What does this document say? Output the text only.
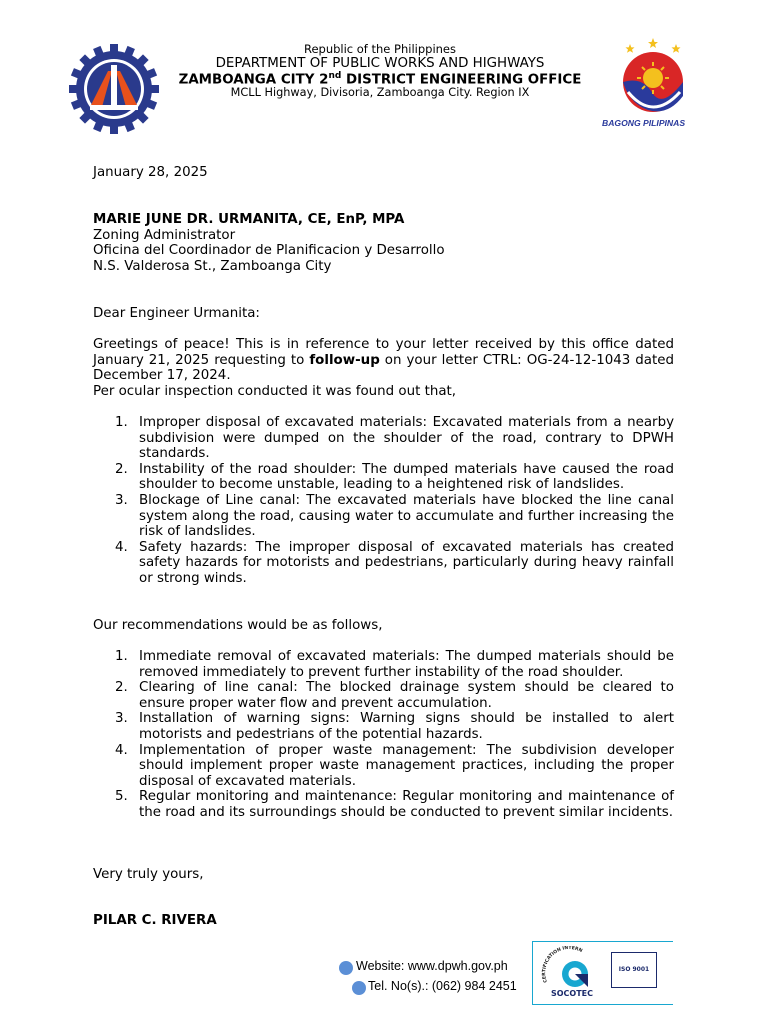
Republic of the Philippines
DEPARTMENT OF PUBLIC WORKS AND HIGHWAYS
ZAMBOANGA CITY 2nd DISTRICT ENGINEERING OFFICE
MCLL Highway, Divisoria, Zamboanga City. Region IX
BAGONG PILIPINAS
January 28, 2025
MARIE JUNE DR. URMANITA, CE, EnP, MPA
Zoning Administrator
Oficina del Coordinador de Planificacion y Desarrollo
N.S. Valderosa St., Zamboanga City
Dear Engineer Urmanita:
Greetings of peace! This is in reference to your letter received by this office dated January 21, 2025 requesting to follow-up on your letter CTRL: OG-24-12-1043 dated December 17, 2024.
Per ocular inspection conducted it was found out that,
1. Improper disposal of excavated materials: Excavated materials from a nearby subdivision were dumped on the shoulder of the road, contrary to DPWH standards.
2. Instability of the road shoulder: The dumped materials have caused the road shoulder to become unstable, leading to a heightened risk of landslides.
3. Blockage of Line canal: The excavated materials have blocked the line canal system along the road, causing water to accumulate and further increasing the risk of landslides.
4. Safety hazards: The improper disposal of excavated materials has created safety hazards for motorists and pedestrians, particularly during heavy rainfall or strong winds.
Our recommendations would be as follows,
1. Immediate removal of excavated materials: The dumped materials should be removed immediately to prevent further instability of the road shoulder.
2. Clearing of line canal: The blocked drainage system should be cleared to ensure proper water flow and prevent accumulation.
3. Installation of warning signs: Warning signs should be installed to alert motorists and pedestrians of the potential hazards.
4. Implementation of proper waste management: The subdivision developer should implement proper waste management practices, including the proper disposal of excavated materials.
5. Regular monitoring and maintenance: Regular monitoring and maintenance of the road and its surroundings should be conducted to prevent similar incidents.
Very truly yours,
PILAR C. RIVERA
Website: www.dpwh.gov.ph
Tel. No(s).: (062) 984 2451	CERTIFICATION INTERN
SOCOTEC
ISO 9001
